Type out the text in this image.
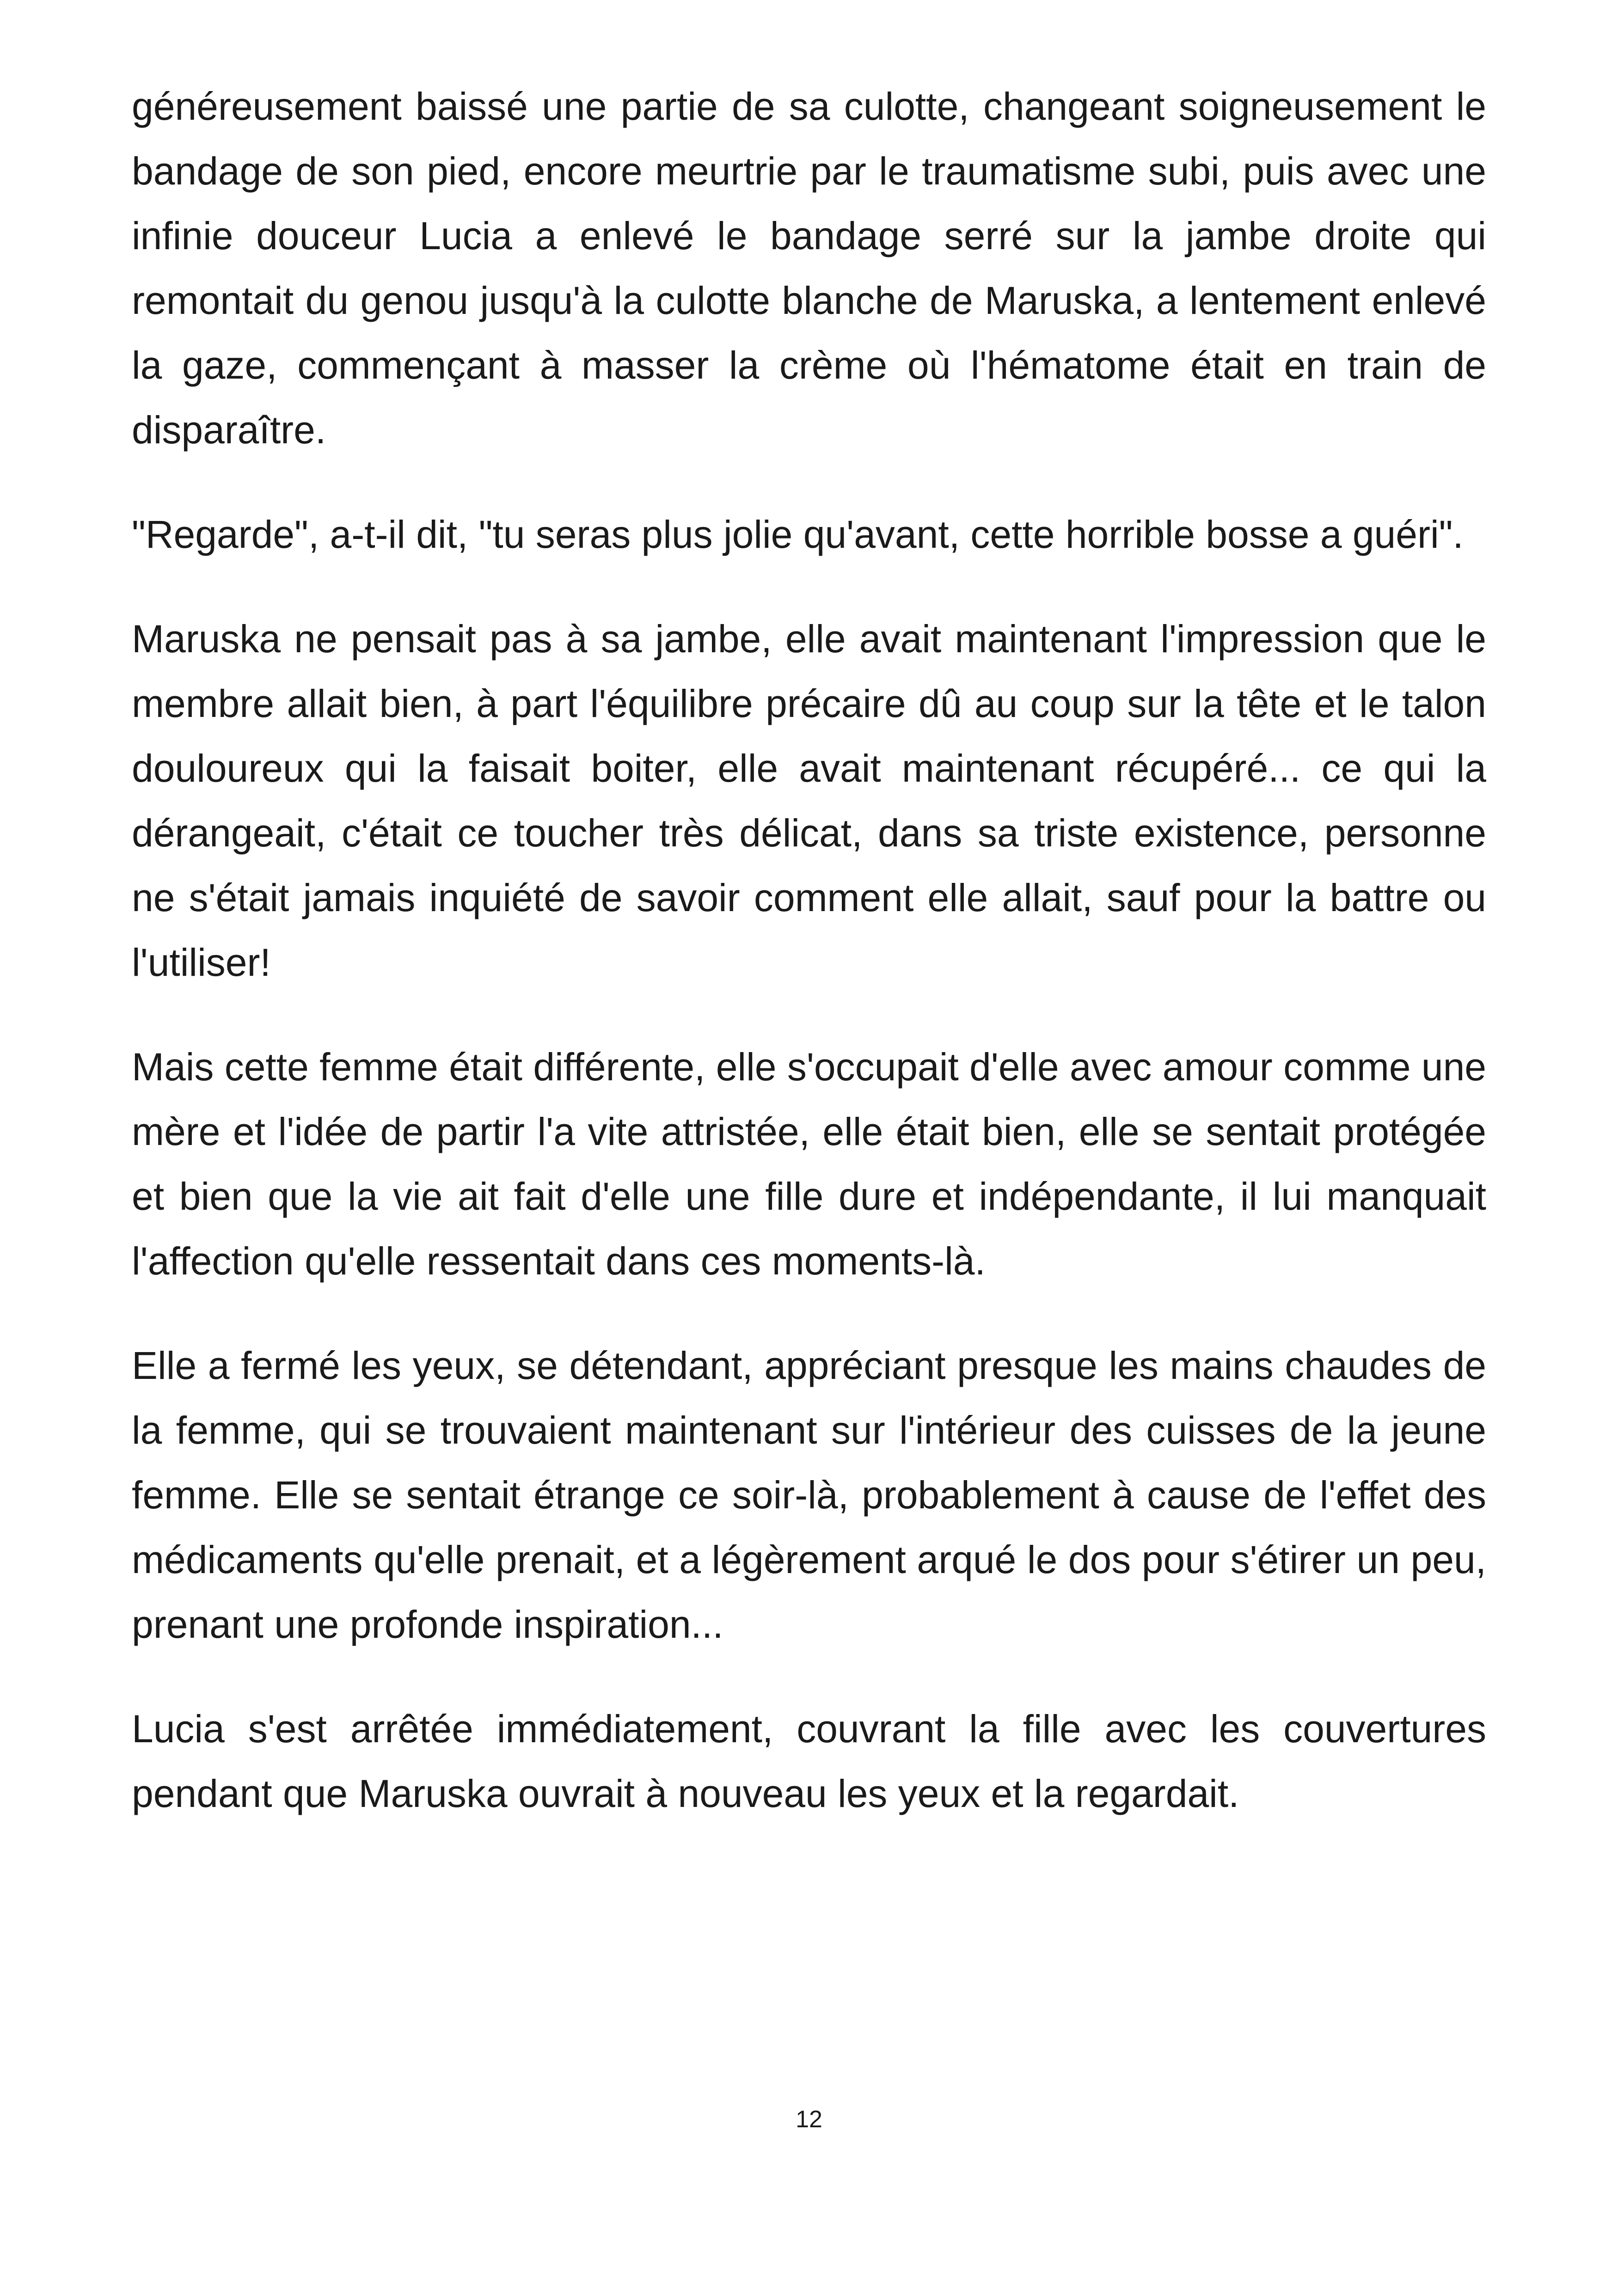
généreusement baissé une partie de sa culotte, changeant soigneusement le bandage de son pied, encore meurtrie par le traumatisme subi, puis avec une infinie douceur Lucia a enlevé le bandage serré sur la jambe droite qui remontait du genou jusqu'à la culotte blanche de Maruska, a lentement enlevé la gaze, commençant à masser la crème où l'hématome était en train de disparaître.

"Regarde", a-t-il dit, "tu seras plus jolie qu'avant, cette horrible bosse a guéri".

Maruska ne pensait pas à sa jambe, elle avait maintenant l'impression que le membre allait bien, à part l'équilibre précaire dû au coup sur la tête et le talon douloureux qui la faisait boiter, elle avait maintenant récupéré... ce qui la dérangeait, c'était ce toucher très délicat, dans sa triste existence, personne ne s'était jamais inquiété de savoir comment elle allait, sauf pour la battre ou l'utiliser!

Mais cette femme était différente, elle s'occupait d'elle avec amour comme une mère et l'idée de partir l'a vite attristée, elle était bien, elle se sentait protégée et bien que la vie ait fait d'elle une fille dure et indépendante, il lui manquait l'affection qu'elle ressentait dans ces moments-là.

Elle a fermé les yeux, se détendant, appréciant presque les mains chaudes de la femme, qui se trouvaient maintenant sur l'intérieur des cuisses de la jeune femme. Elle se sentait étrange ce soir-là, probablement à cause de l'effet des médicaments qu'elle prenait, et a légèrement arqué le dos pour s'étirer un peu, prenant une profonde inspiration...

Lucia s'est arrêtée immédiatement, couvrant la fille avec les couvertures pendant que Maruska ouvrait à nouveau les yeux et la regardait.

12
